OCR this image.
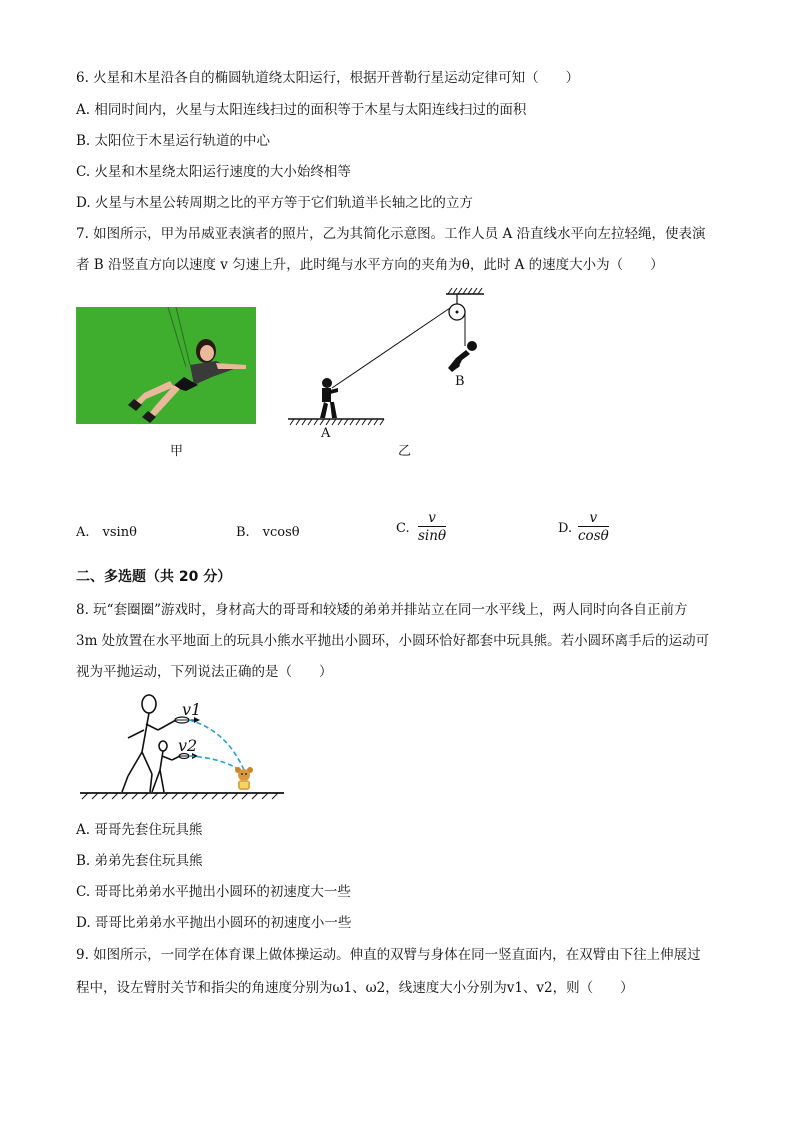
6. 火星和木星沿各自的椭圆轨道绕太阳运行，根据开普勒行星运动定律可知（　　）
A. 相同时间内，火星与太阳连线扫过的面积等于木星与太阳连线扫过的面积
B. 太阳位于木星运行轨道的中心
C. 火星和木星绕太阳运行速度的大小始终相等
D. 火星与木星公转周期之比的平方等于它们轨道半长轴之比的立方
7. 如图所示，甲为吊威亚表演者的照片，乙为其简化示意图。工作人员 A 沿直线水平向左拉轻绳，使表演
者 B 沿竖直方向以速度 v 匀速上升，此时绳与水平方向的夹角为θ，此时 A 的速度大小为（　　）
甲
A
B
乙
A.　vsinθ	B.　vcosθ	C. $\frac{v}{\sin\theta}$	D. $\frac{v}{\cos\theta}$
二、多选题（共 20 分）
8. 玩“套圈圈”游戏时，身材高大的哥哥和较矮的弟弟并排站立在同一水平线上，两人同时向各自正前方
3m 处放置在水平地面上的玩具小熊水平抛出小圆环，小圆环恰好都套中玩具熊。若小圆环离手后的运动可
视为平抛运动，下列说法正确的是（　　）
v1
v2
A. 哥哥先套住玩具熊
B. 弟弟先套住玩具熊
C. 哥哥比弟弟水平抛出小圆环的初速度大一些
D. 哥哥比弟弟水平抛出小圆环的初速度小一些
9. 如图所示，一同学在体育课上做体操运动。伸直的双臂与身体在同一竖直面内，在双臂由下往上伸展过
程中，设左臂肘关节和指尖的角速度分别为ω1、ω2，线速度大小分别为v1、v2，则（　　）
